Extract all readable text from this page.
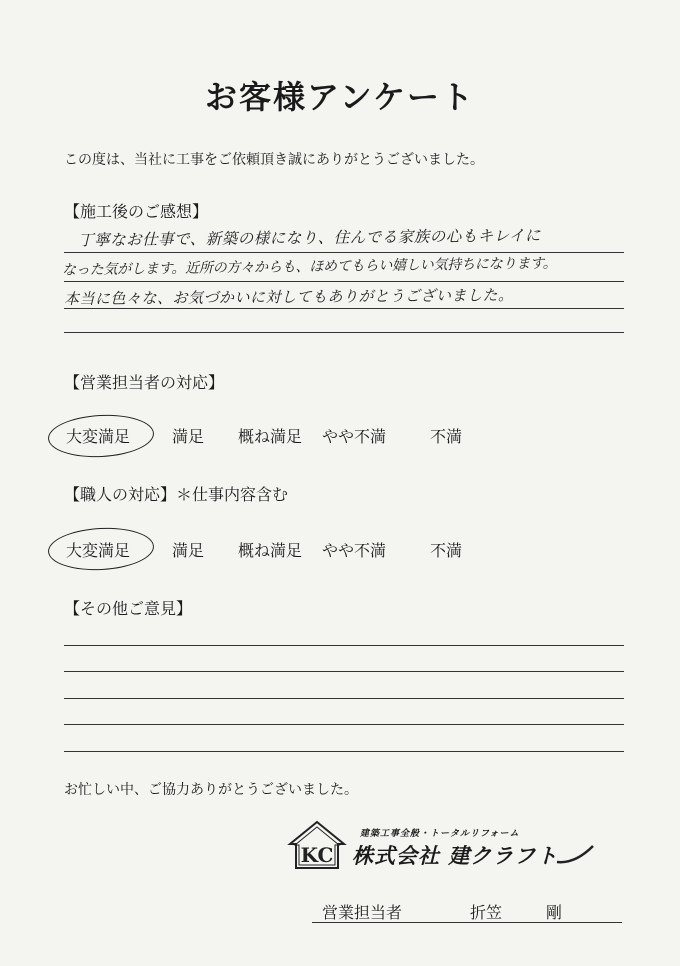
お客様アンケート
この度は、当社に工事をご依頼頂き誠にありがとうございました。
【施工後のご感想】
丁寧なお仕事で、新築の様になり、住んでる家族の心もキレイに
なった気がします。近所の方々からも、ほめてもらい嬉しい気持ちになります。
本当に色々な、お気づかいに対してもありがとうございました。
【営業担当者の対応】
大変満足	満足 概ね満足 やや不満	不満
【職人の対応】＊仕事内容含む
大変満足	満足 概ね満足 やや不満	不満
【その他ご意見】
お忙しい中、ご協力ありがとうございました。
KC
建築工事全般・トータルリフォーム
株式会社 建クラフト
営業担当者	折笠	剛
